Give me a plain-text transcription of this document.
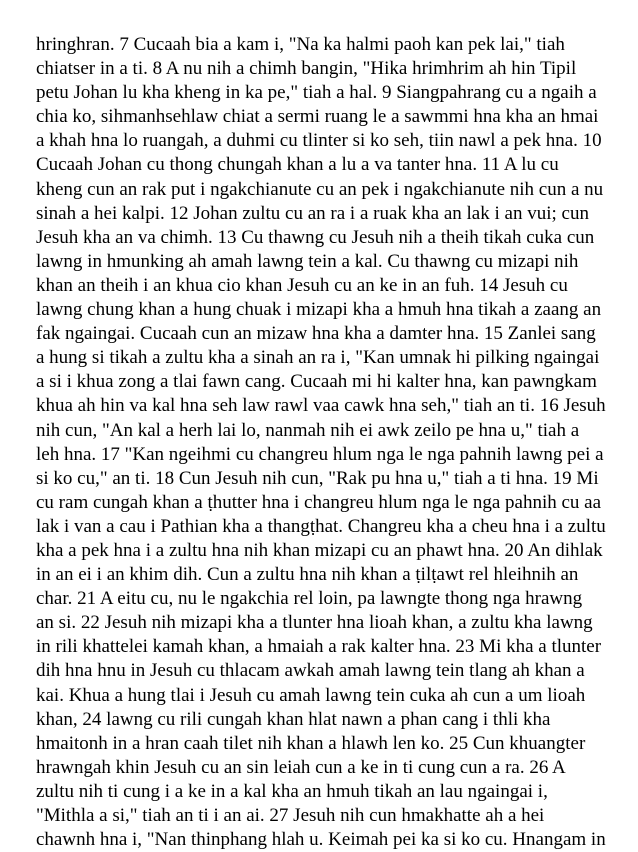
hringhran. 7 Cucaah bia a kam i, "Na ka halmi paoh kan pek lai," tiah
chiatser in a ti. 8 A nu nih a chimh bangin, "Hika hrimhrim ah hin Tipil
petu Johan lu kha kheng in ka pe," tiah a hal. 9 Siangpahrang cu a ngaih a
chia ko, sihmanhsehlaw chiat a sermi ruang le a sawmmi hna kha an hmai
a khah hna lo ruangah, a duhmi cu tlinter si ko seh, tiin nawl a pek hna. 10
Cucaah Johan cu thong chungah khan a lu a va tanter hna. 11 A lu cu
kheng cun an rak put i ngakchianute cu an pek i ngakchianute nih cun a nu
sinah a hei kalpi. 12 Johan zultu cu an ra i a ruak kha an lak i an vui; cun
Jesuh kha an va chimh. 13 Cu thawng cu Jesuh nih a theih tikah cuka cun
lawng in hmunking ah amah lawng tein a kal. Cu thawng cu mizapi nih
khan an theih i an khua cio khan Jesuh cu an ke in an fuh. 14 Jesuh cu
lawng chung khan a hung chuak i mizapi kha a hmuh hna tikah a zaang an
fak ngaingai. Cucaah cun an mizaw hna kha a damter hna. 15 Zanlei sang
a hung si tikah a zultu kha a sinah an ra i, "Kan umnak hi pilking ngaingai
a si i khua zong a tlai fawn cang. Cucaah mi hi kalter hna, kan pawngkam
khua ah hin va kal hna seh law rawl vaa cawk hna seh," tiah an ti. 16 Jesuh
nih cun, "An kal a herh lai lo, nanmah nih ei awk zeilo pe hna u," tiah a
leh hna. 17 "Kan ngeihmi cu changreu hlum nga le nga pahnih lawng pei a
si ko cu," an ti. 18 Cun Jesuh nih cun, "Rak pu hna u," tiah a ti hna. 19 Mi
cu ram cungah khan a ṭhutter hna i changreu hlum nga le nga pahnih cu aa
lak i van a cau i Pathian kha a thangṭhat. Changreu kha a cheu hna i a zultu
kha a pek hna i a zultu hna nih khan mizapi cu an phawt hna. 20 An dihlak
in an ei i an khim dih. Cun a zultu hna nih khan a ṭilṭawt rel hleihnih an
char. 21 A eitu cu, nu le ngakchia rel loin, pa lawngte thong nga hrawng
an si. 22 Jesuh nih mizapi kha a tlunter hna lioah khan, a zultu kha lawng
in rili khattelei kamah khan, a hmaiah a rak kalter hna. 23 Mi kha a tlunter
dih hna hnu in Jesuh cu thlacam awkah amah lawng tein tlang ah khan a
kai. Khua a hung tlai i Jesuh cu amah lawng tein cuka ah cun a um lioah
khan, 24 lawng cu rili cungah khan hlat nawn a phan cang i thli kha
hmaitonh in a hran caah tilet nih khan a hlawh len ko. 25 Cun khuangter
hrawngah khin Jesuh cu an sin leiah cun a ke in ti cung cun a ra. 26 A
zultu nih ti cung i a ke in a kal kha an hmuh tikah an lau ngaingai i,
"Mithla a si," tiah an ti i an ai. 27 Jesuh nih cun hmakhatte ah a hei
chawnh hna i, "Nan thinphang hlah u. Keimah pei ka si ko cu. Hnangam in
